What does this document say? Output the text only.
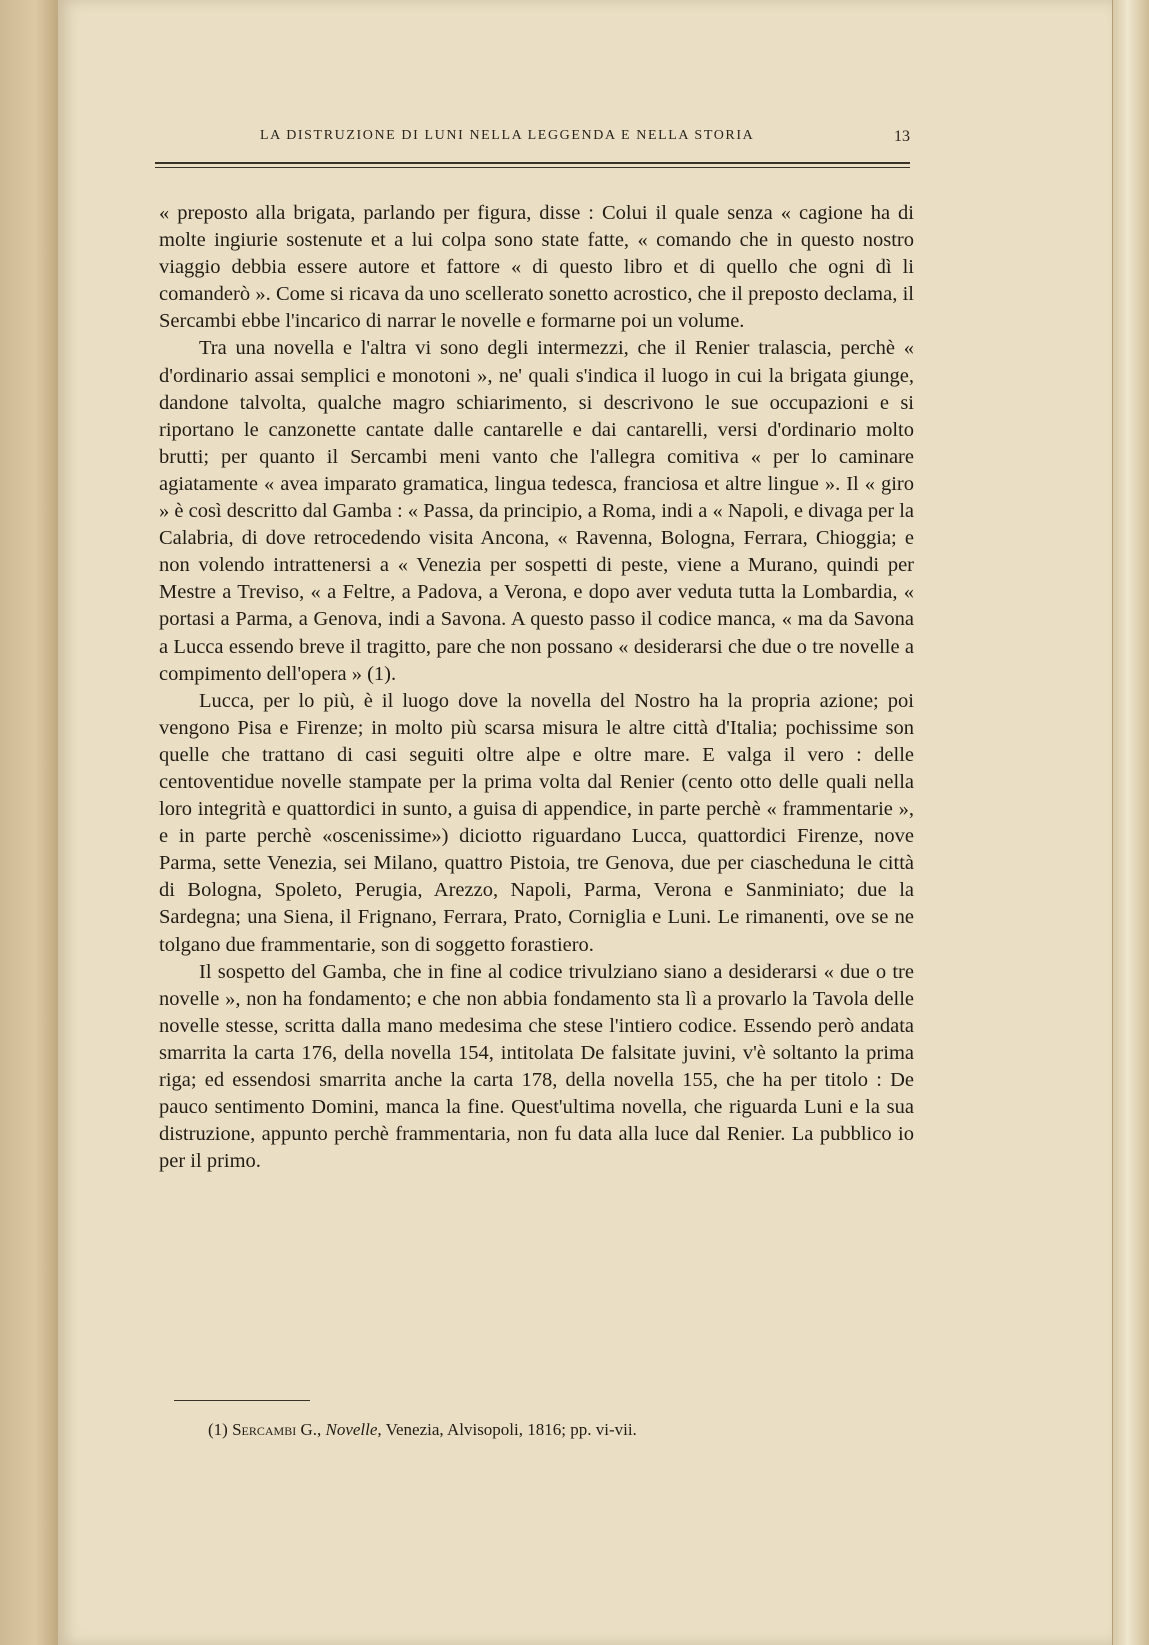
LA DISTRUZIONE DI LUNI NELLA LEGGENDA E NELLA STORIA	13

« preposto alla brigata, parlando per figura, disse : Colui il quale senza « cagione ha di molte ingiurie sostenute et a lui colpa sono state fatte, « comando che in questo nostro viaggio debbia essere autore et fattore « di questo libro et di quello che ogni dì li comanderò ». Come si ricava da uno scellerato sonetto acrostico, che il preposto declama, il Sercambi ebbe l'incarico di narrar le novelle e formarne poi un volume.

Tra una novella e l'altra vi sono degli intermezzi, che il Renier tralascia, perchè « d'ordinario assai semplici e monotoni », ne' quali s'indica il luogo in cui la brigata giunge, dandone talvolta, qualche magro schiarimento, si descrivono le sue occupazioni e si riportano le canzonette cantate dalle cantarelle e dai cantarelli, versi d'ordinario molto brutti; per quanto il Sercambi meni vanto che l'allegra comitiva « per lo caminare agiatamente « avea imparato gramatica, lingua tedesca, franciosa et altre lingue ». Il « giro » è così descritto dal Gamba : « Passa, da principio, a Roma, indi a « Napoli, e divaga per la Calabria, di dove retrocedendo visita Ancona, « Ravenna, Bologna, Ferrara, Chioggia; e non volendo intrattenersi a « Venezia per sospetti di peste, viene a Murano, quindi per Mestre a Treviso, « a Feltre, a Padova, a Verona, e dopo aver veduta tutta la Lombardia, « portasi a Parma, a Genova, indi a Savona. A questo passo il codice manca, « ma da Savona a Lucca essendo breve il tragitto, pare che non possano « desiderarsi che due o tre novelle a compimento dell'opera » (1).

Lucca, per lo più, è il luogo dove la novella del Nostro ha la propria azione; poi vengono Pisa e Firenze; in molto più scarsa misura le altre città d'Italia; pochissime son quelle che trattano di casi seguiti oltre alpe e oltre mare. E valga il vero : delle centoventidue novelle stampate per la prima volta dal Renier (cento otto delle quali nella loro integrità e quattordici in sunto, a guisa di appendice, in parte perchè « frammentarie », e in parte perchè «oscenissime») diciotto riguardano Lucca, quattordici Firenze, nove Parma, sette Venezia, sei Milano, quattro Pistoia, tre Genova, due per ciascheduna le città di Bologna, Spoleto, Perugia, Arezzo, Napoli, Parma, Verona e Sanminiato; due la Sardegna; una Siena, il Frignano, Ferrara, Prato, Corniglia e Luni. Le rimanenti, ove se ne tolgano due frammentarie, son di soggetto forastiero.

Il sospetto del Gamba, che in fine al codice trivulziano siano a desiderarsi « due o tre novelle », non ha fondamento; e che non abbia fondamento sta lì a provarlo la Tavola delle novelle stesse, scritta dalla mano medesima che stese l'intiero codice. Essendo però andata smarrita la carta 176, della novella 154, intitolata De falsitate juvini, v'è soltanto la prima riga; ed essendosi smarrita anche la carta 178, della novella 155, che ha per titolo : De pauco sentimento Domini, manca la fine. Quest'ultima novella, che riguarda Luni e la sua distruzione, appunto perchè frammentaria, non fu data alla luce dal Renier. La pubblico io per il primo.

(1) Sercambi G., Novelle, Venezia, Alvisopoli, 1816; pp. vi-vii.
